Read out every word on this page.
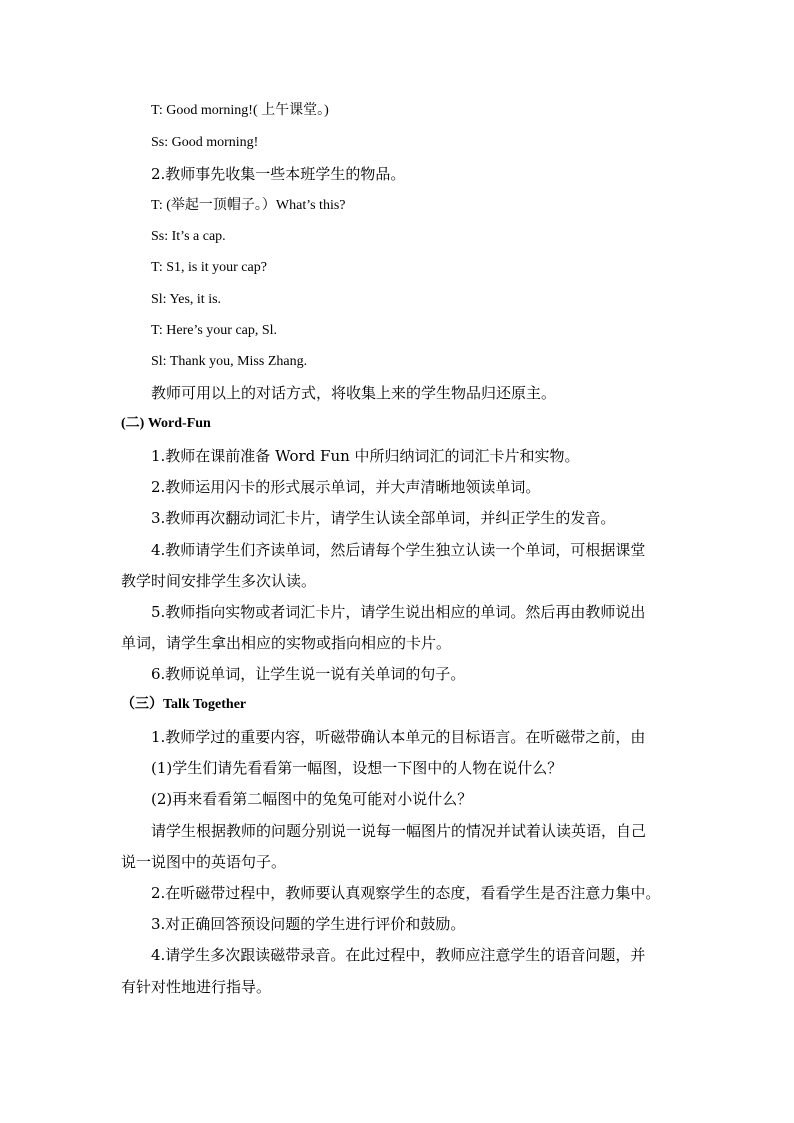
T: Good morning!( 上午课堂。)
Ss: Good morning!
2.教师事先收集一些本班学生的物品。
T: (举起一顶帽子。）What’s this?
Ss: It’s a cap.
T: S1, is it your cap?
Sl: Yes, it is.
T: Here’s your cap, Sl.
Sl: Thank you, Miss Zhang.
教师可用以上的对话方式，将收集上来的学生物品归还原主。
(二) Word-Fun
1.教师在课前准备 Word Fun 中所归纳词汇的词汇卡片和实物。
2.教师运用闪卡的形式展示单词，并大声清晰地领读单词。
3.教师再次翻动词汇卡片，请学生认读全部单词，并纠正学生的发音。
4.教师请学生们齐读单词，然后请每个学生独立认读一个单词，可根据课堂
教学时间安排学生多次认读。
5.教师指向实物或者词汇卡片，请学生说出相应的单词。然后再由教师说出
单词，请学生拿出相应的实物或指向相应的卡片。
6.教师说单词，让学生说一说有关单词的句子。
（三）Talk Together
1.教师学过的重要内容，听磁带确认本单元的目标语言。在听磁带之前，由
(1)学生们请先看看第一幅图，设想一下图中的人物在说什么？
(2)再来看看第二幅图中的兔兔可能对小说什么？
请学生根据教师的问题分别说一说每一幅图片的情况并试着认读英语，自己
说一说图中的英语句子。
2.在听磁带过程中，教师要认真观察学生的态度，看看学生是否注意力集中。
3.对正确回答预设问题的学生进行评价和鼓励。
4.请学生多次跟读磁带录音。在此过程中，教师应注意学生的语音问题，并
有针对性地进行指导。
